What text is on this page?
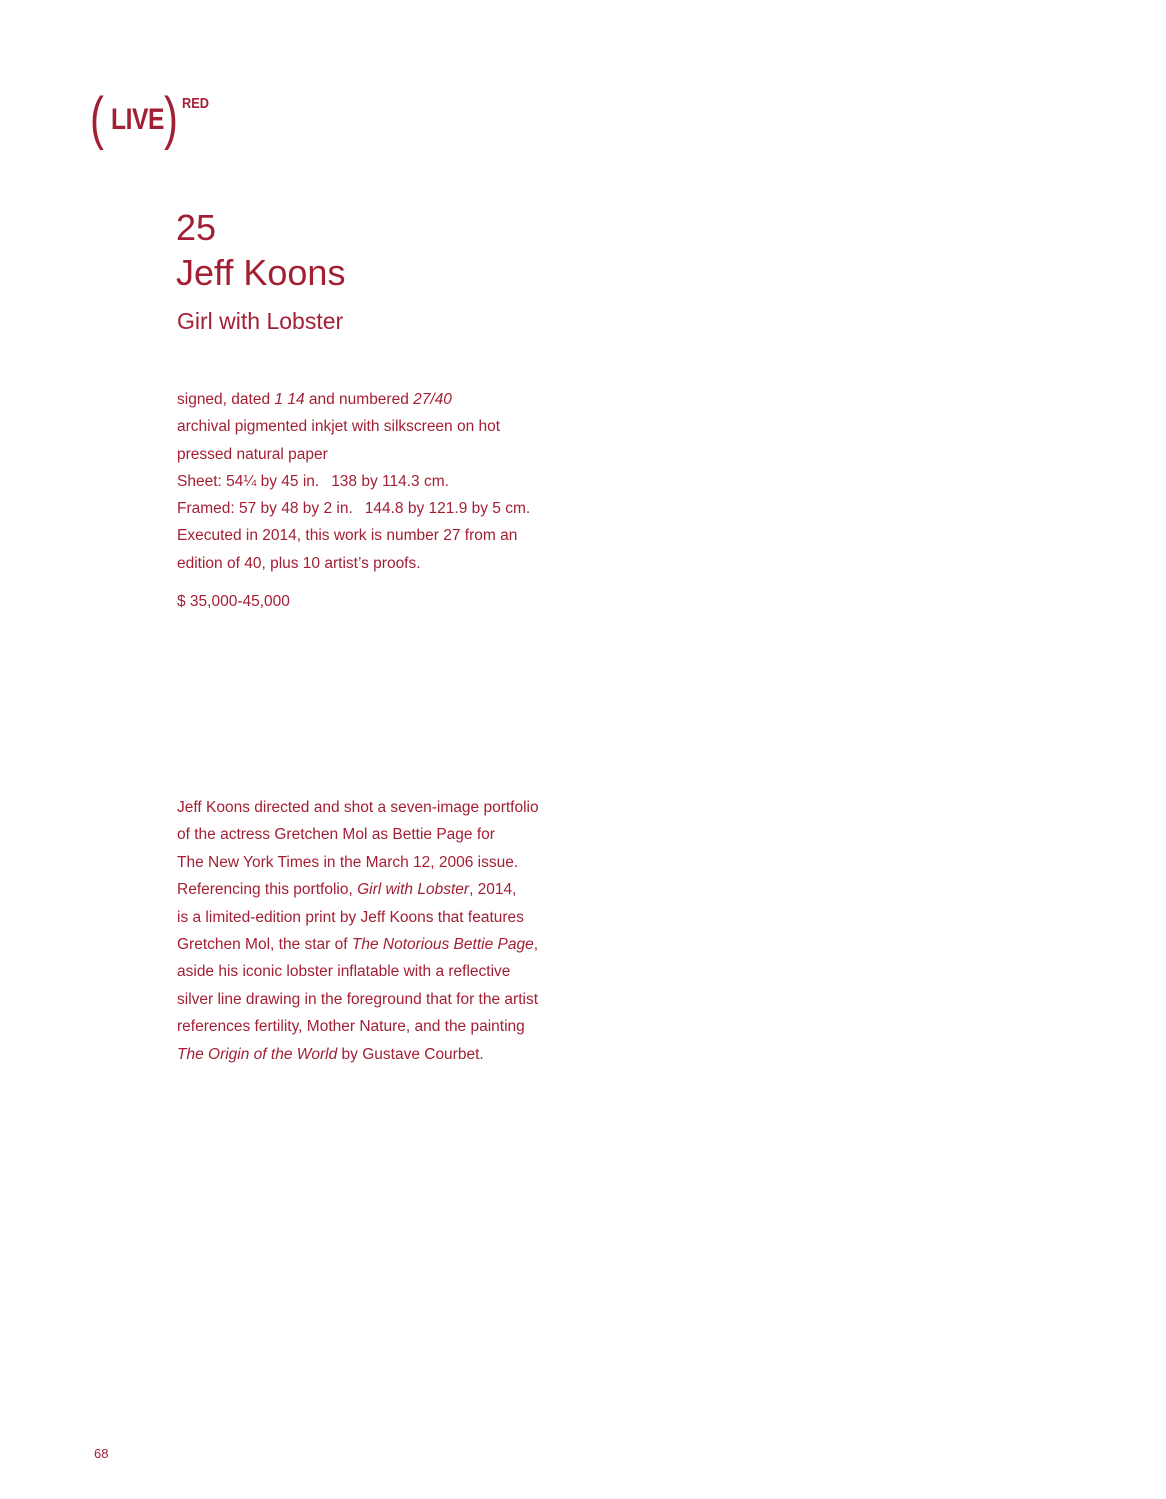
( LIVE ) RED
25
Jeff Koons
Girl with Lobster
signed, dated 1 14 and numbered 27/40
archival pigmented inkjet with silkscreen on hot
pressed natural paper
Sheet: 54¼ by 45 in. 138 by 114.3 cm.
Framed: 57 by 48 by 2 in. 144.8 by 121.9 by 5 cm.
Executed in 2014, this work is number 27 from an
edition of 40, plus 10 artist’s proofs.
$ 35,000-45,000
Jeff Koons directed and shot a seven-image portfolio
of the actress Gretchen Mol as Bettie Page for
The New York Times in the March 12, 2006 issue.
Referencing this portfolio, Girl with Lobster, 2014,
is a limited-edition print by Jeff Koons that features
Gretchen Mol, the star of The Notorious Bettie Page,
aside his iconic lobster inflatable with a reflective
silver line drawing in the foreground that for the artist
references fertility, Mother Nature, and the painting
The Origin of the World by Gustave Courbet.
68
